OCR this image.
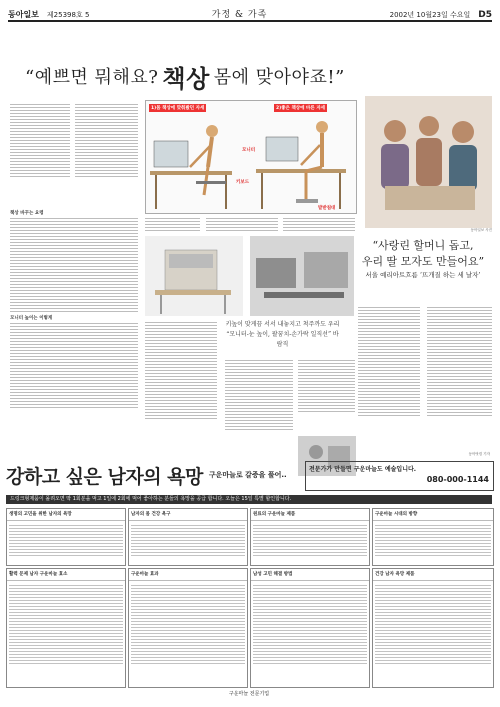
동아일보 제25398호 5	가정 & 가족	2002년 10월23일 수요일 D5
“예쁘면 뭐해요? 책상 몸에 맞아야죠!”
책상 바꾸는 요령
모니터 높이는 이렇게
1)몸 책상에 맞춰봤던 자세	2)좋은 책상에 바른 자세
모니터
키보드
발받침대
동아일보 사진
“사랑린 할머니 돕고,
우리 딸 모자도 만들어요”
서울 예리아트흐름 ‘뜨개질 하는 세 날자’
키높이 맞게끔 서서 내놓지고 척주까도 우리
“모니터-눈 높이, 팔꿈치-손가락 일직선” 바람직
동아닷컴 기자
강하고 싶은 남자의 욕망 구운마늘로 갈증을 풀어..
전문가가 만들면 구운마늘도 예술입니다.
080-000-1144
드링크형제품이 몰려오면 딱 1회분을 먹고 1일에 2회에 먹어 좋아하는 분들의 욕망을 공급 합니다. 오늘은 15일 특별 할인합니다.
생명의 고민을 위한 남자의 욕망	남자의 몸 건강 욕구	원료의 구운마늘 제품	구운마늘 시대의 방향
활력 문제 남자 구운마늘 효소	구운마늘 효과	남성 고민 해결 방법	건강 남자 욕망 제품
구운마늘 전문기업
